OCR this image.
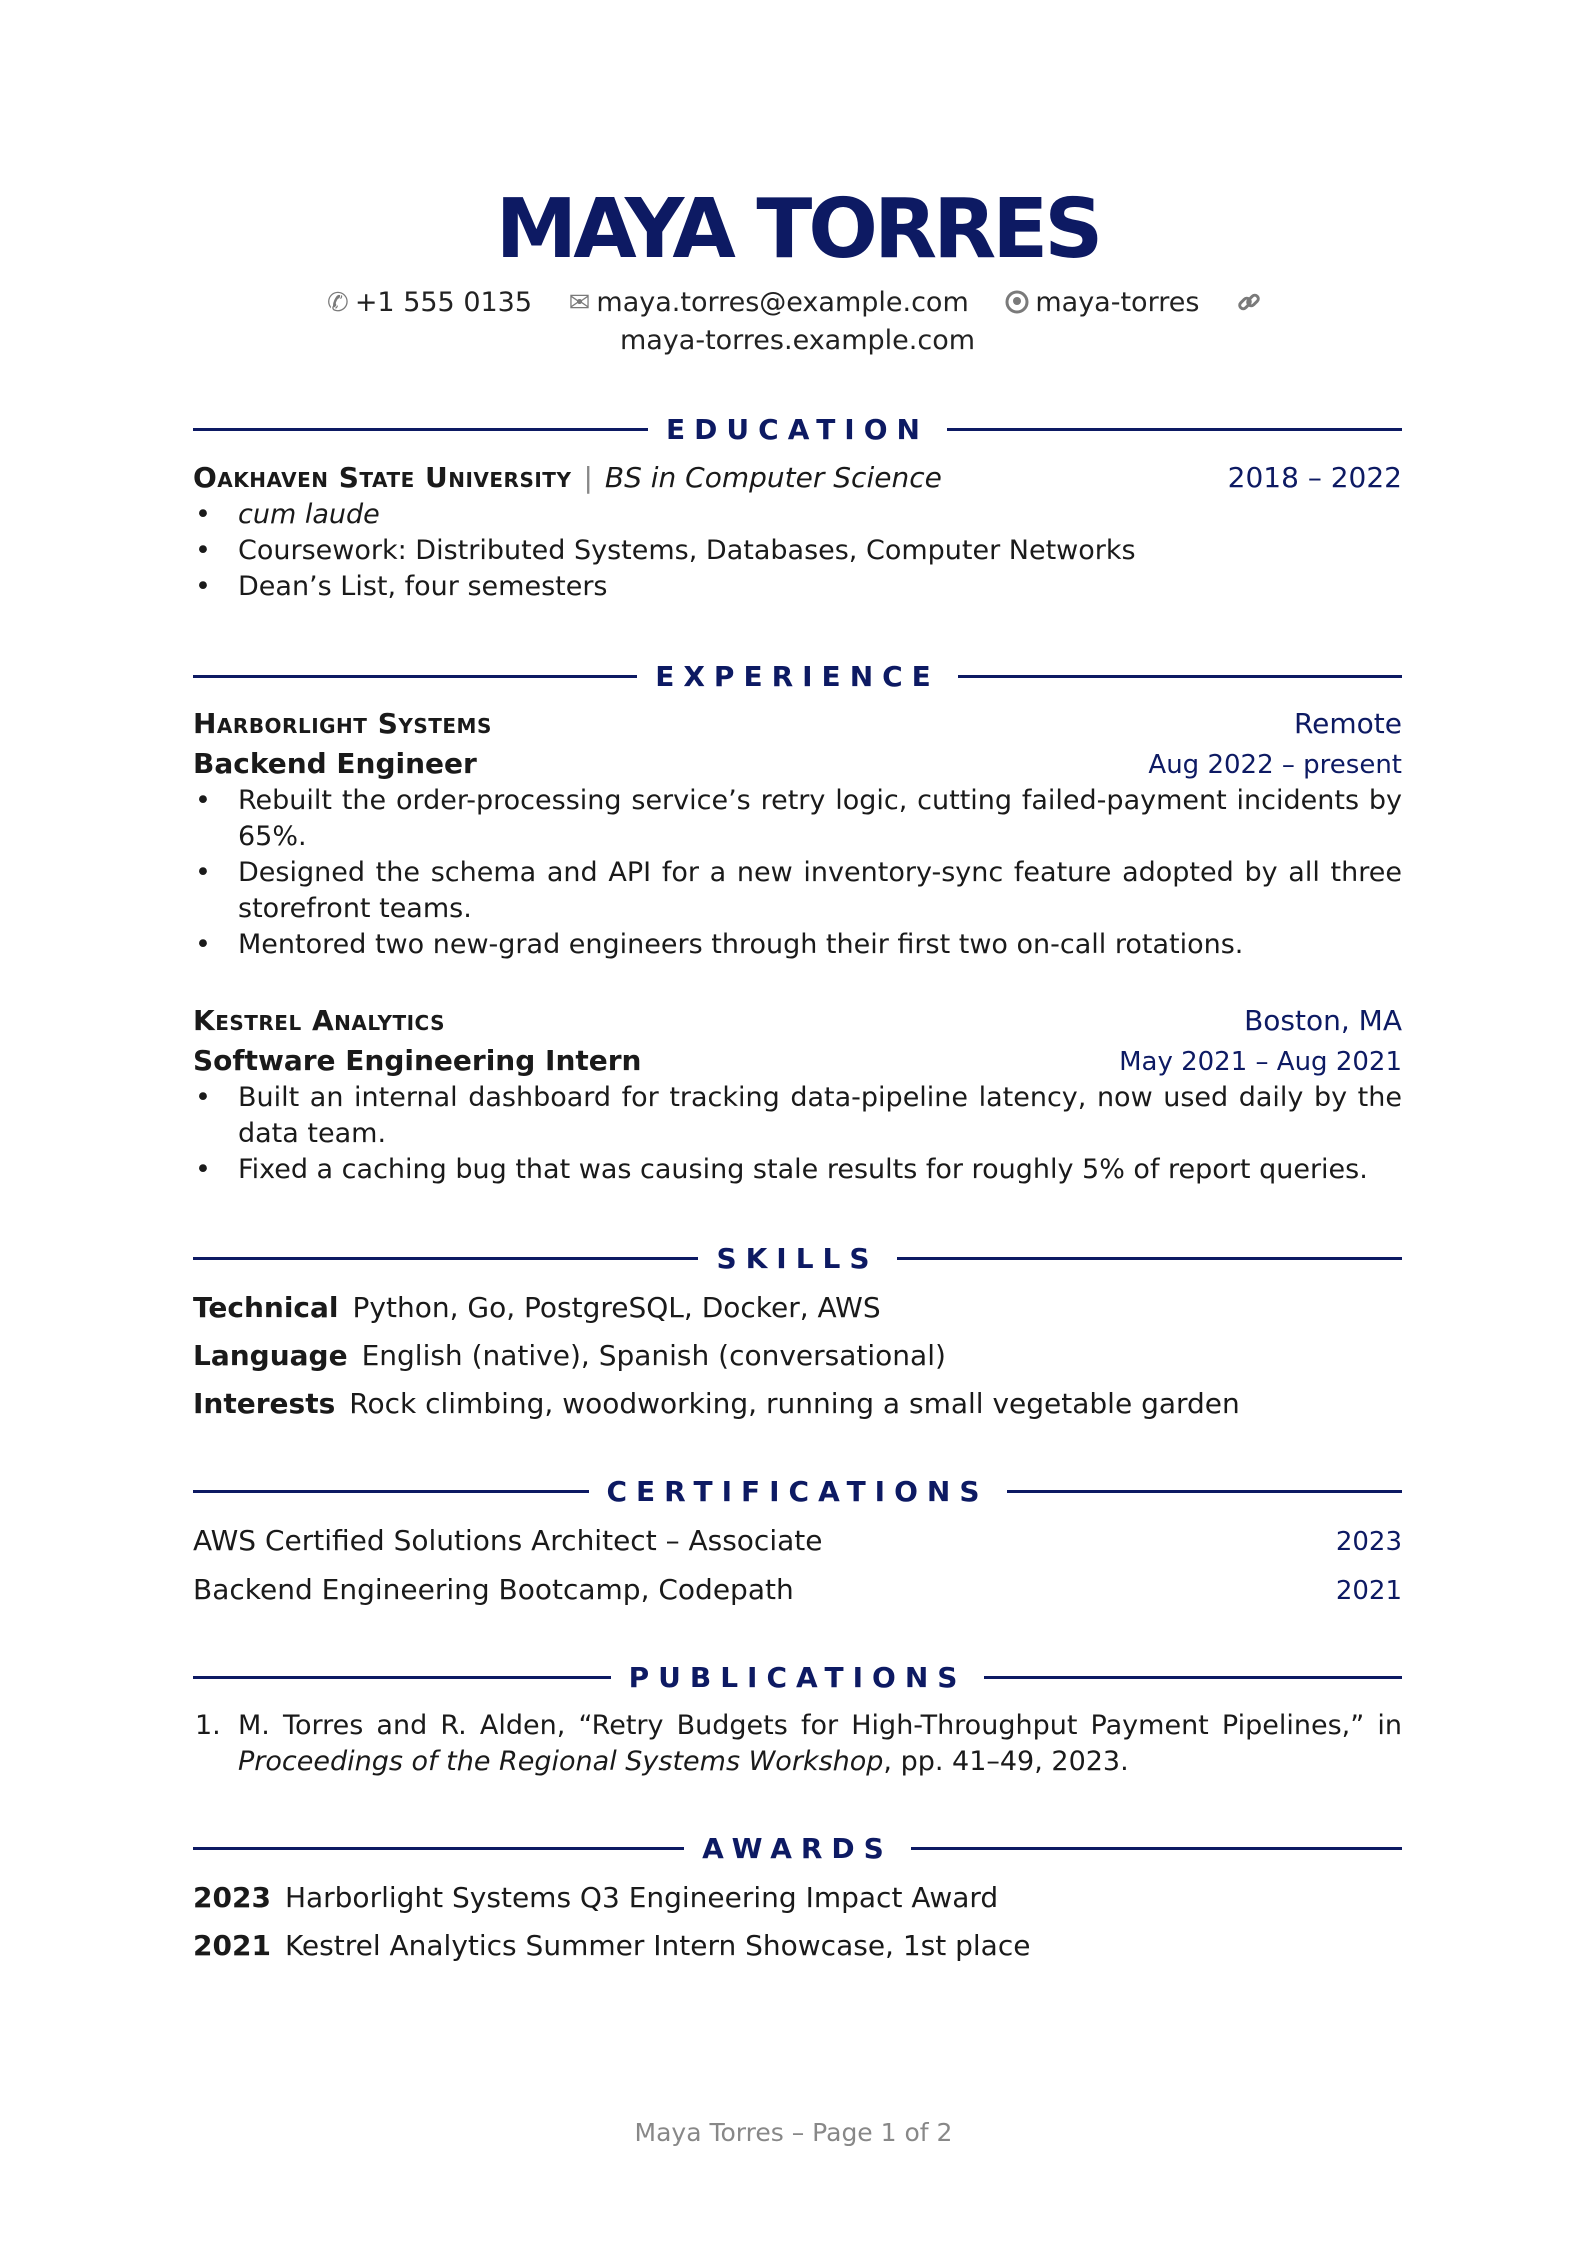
MAYA TORRES
✆ +1 555 0135 ✉ maya.torres@example.com maya-torres
maya-torres.example.com
EDUCATION
Oakhaven State University | BS in Computer Science	2018 – 2022
• cum laude
• Coursework: Distributed Systems, Databases, Computer Networks
• Dean’s List, four semesters
EXPERIENCE
Harborlight Systems	Remote
Backend Engineer	Aug 2022 – present
• Rebuilt the order-processing service’s retry logic, cutting failed-payment incidents by 65%.
• Designed the schema and API for a new inventory-sync feature adopted by all three storefront teams.
• Mentored two new-grad engineers through their first two on-call rotations.
Kestrel Analytics	Boston, MA
Software Engineering Intern	May 2021 – Aug 2021
• Built an internal dashboard for tracking data-pipeline latency, now used daily by the data team.
• Fixed a caching bug that was causing stale results for roughly 5% of report queries.
SKILLS
Technical Python, Go, PostgreSQL, Docker, AWS
Language English (native), Spanish (conversational)
Interests Rock climbing, woodworking, running a small vegetable garden
CERTIFICATIONS
AWS Certified Solutions Architect – Associate	2023
Backend Engineering Bootcamp, Codepath	2021
PUBLICATIONS
1. M. Torres and R. Alden, “Retry Budgets for High-Throughput Payment Pipelines,” in Proceedings of the Regional Systems Workshop, pp. 41–49, 2023.
AWARDS
2023 Harborlight Systems Q3 Engineering Impact Award
2021 Kestrel Analytics Summer Intern Showcase, 1st place
Maya Torres – Page 1 of 2
